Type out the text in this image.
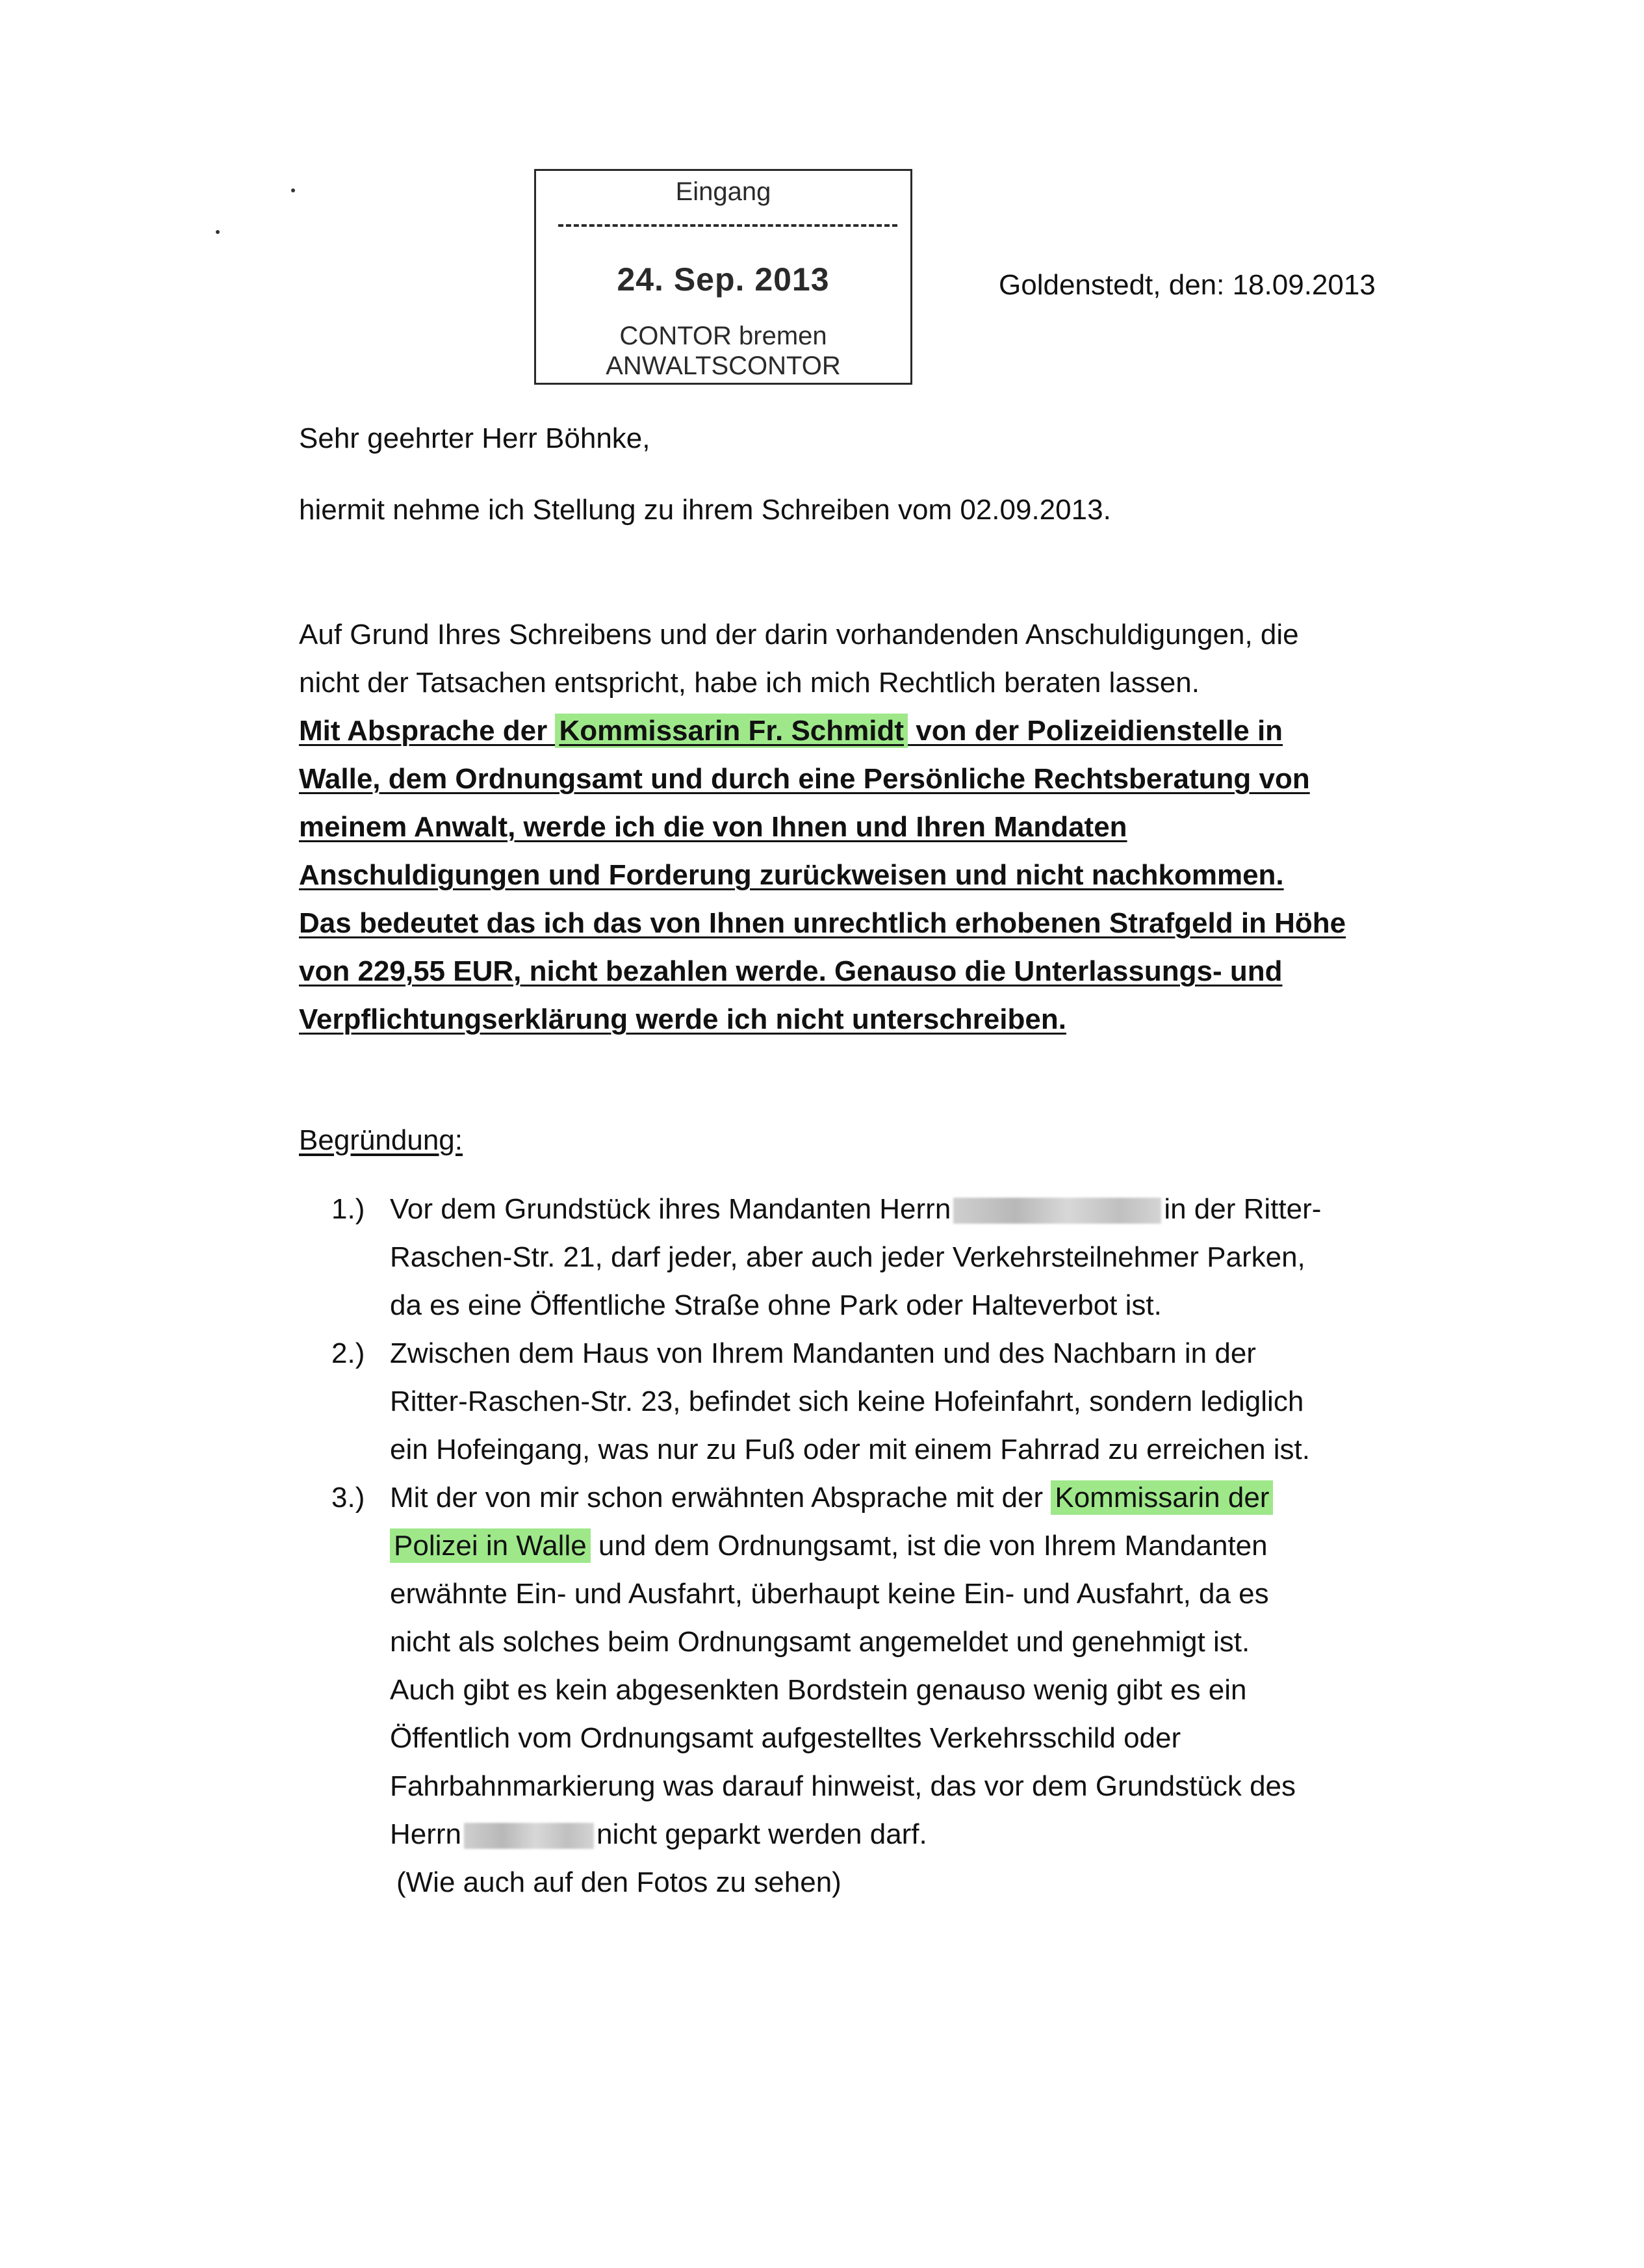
Eingang
24. Sep. 2013
CONTOR bremen
ANWALTSCONTOR
Goldenstedt, den: 18.09.2013
Sehr geehrter Herr Böhnke,
hiermit nehme ich Stellung zu ihrem Schreiben vom 02.09.2013.
Auf Grund Ihres Schreibens und der darin vorhandenden Anschuldigungen, die
nicht der Tatsachen entspricht, habe ich mich Rechtlich beraten lassen.
Mit Absprache der Kommissarin Fr. Schmidt von der Polizeidienstelle in
Walle, dem Ordnungsamt und durch eine Persönliche Rechtsberatung von
meinem Anwalt, werde ich die von Ihnen und Ihren Mandaten
Anschuldigungen und Forderung zurückweisen und nicht nachkommen.
Das bedeutet das ich das von Ihnen unrechtlich erhobenen Strafgeld in Höhe
von 229,55 EUR, nicht bezahlen werde. Genauso die Unterlassungs- und
Verpflichtungserklärung werde ich nicht unterschreiben.
Begründung:
1.) Vor dem Grundstück ihres Mandanten Herrn	in der Ritter-
Raschen-Str. 21, darf jeder, aber auch jeder Verkehrsteilnehmer Parken,
da es eine Öffentliche Straße ohne Park oder Halteverbot ist.
2.) Zwischen dem Haus von Ihrem Mandanten und des Nachbarn in der
Ritter-Raschen-Str. 23, befindet sich keine Hofeinfahrt, sondern lediglich
ein Hofeingang, was nur zu Fuß oder mit einem Fahrrad zu erreichen ist.
3.) Mit der von mir schon erwähnten Absprache mit der Kommissarin der
Polizei in Walle und dem Ordnungsamt, ist die von Ihrem Mandanten
erwähnte Ein- und Ausfahrt, überhaupt keine Ein- und Ausfahrt, da es
nicht als solches beim Ordnungsamt angemeldet und genehmigt ist.
Auch gibt es kein abgesenkten Bordstein genauso wenig gibt es ein
Öffentlich vom Ordnungsamt aufgestelltes Verkehrsschild oder
Fahrbahnmarkierung was darauf hinweist, das vor dem Grundstück des
Herrn	nicht geparkt werden darf.
(Wie auch auf den Fotos zu sehen)
